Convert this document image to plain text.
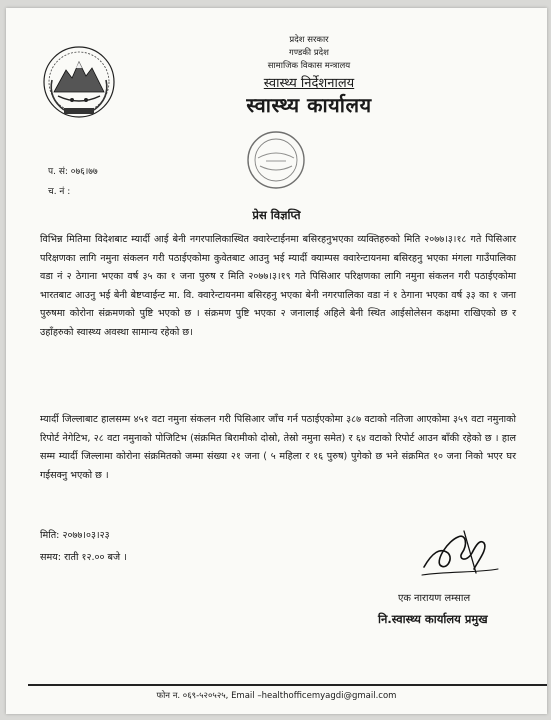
प्रदेश सरकार
गण्डकी प्रदेश
सामाजिक विकास मन्त्रालय
स्वास्थ्य निर्देशनालय
स्वास्थ्य कार्यालय
प. सं: ०७६।७७
च. नं :
प्रेस विज्ञप्ति

विभिन्न मितिमा विदेशबाट म्यार्दी आई बेनी नगरपालिकास्थित क्वारेन्टाईनमा बसिरहनुभएका व्यक्तिहरुको मिति २०७७।३।१८ गते पिसिआर परिक्षणका लागि नमुना संकलन गरी पठाईएकोमा कुवेतबाट आउनु भई म्यार्दी क्याम्पस क्वारेन्टायनमा बसिरहनु भएका मंगला गाउँपालिका वडा नं २ ठेगाना भएका वर्ष ३५ का १ जना पुरुष र मिति २०७७।३।१९ गते पिसिआर परिक्षणका लागि नमुना संकलन गरी पठाईएकोमा भारतबाट आउनु भई बेनी बेष्टप्वाईन्ट मा. वि. क्वारेन्टायनमा बसिरहनु भएका बेनी नगरपालिका वडा नं १ ठेगाना भएका वर्ष ३३ का १ जना पुरुषमा कोरोना संक्रमणको पुष्टि भएको छ । संक्रमण पुष्टि भएका २ जनालाई अहिले बेनी स्थित आईसोलेसन कक्षमा राखिएको छ र उहाँहरुको स्वास्थ्य अवस्था सामान्य रहेको छ।

म्यार्दी जिल्लाबाट हालसम्म ४५१ वटा नमुना संकलन गरी पिसिआर जाँच गर्न पठाईएकोमा ३८७ वटाको नतिजा आएकोमा ३५९ वटा नमुनाको रिपोर्ट नेगेटिभ, २८ वटा नमुनाको पोजिटिभ (संक्रमित बिरामीको दोस्रो, तेस्रो नमुना समेत) र ६४ वटाको रिपोर्ट आउन बाँकी रहेको छ । हाल सम्म म्यार्दी जिल्लामा कोरोना संक्रमितको जम्मा संख्या २१ जना ( ५ महिला र १६ पुरुष) पुगेको छ भने संक्रमित १० जना निको भएर घर गईसक्नु भएको छ ।

मिति: २०७७।०३।२३
समय: राती १२.०० बजे ।
एक नारायण लम्साल
नि.स्वास्थ्य कार्यालय प्रमुख
फोन न. ०६९-५२०५२५, Email –healthofficemyagdi@gmail.com
